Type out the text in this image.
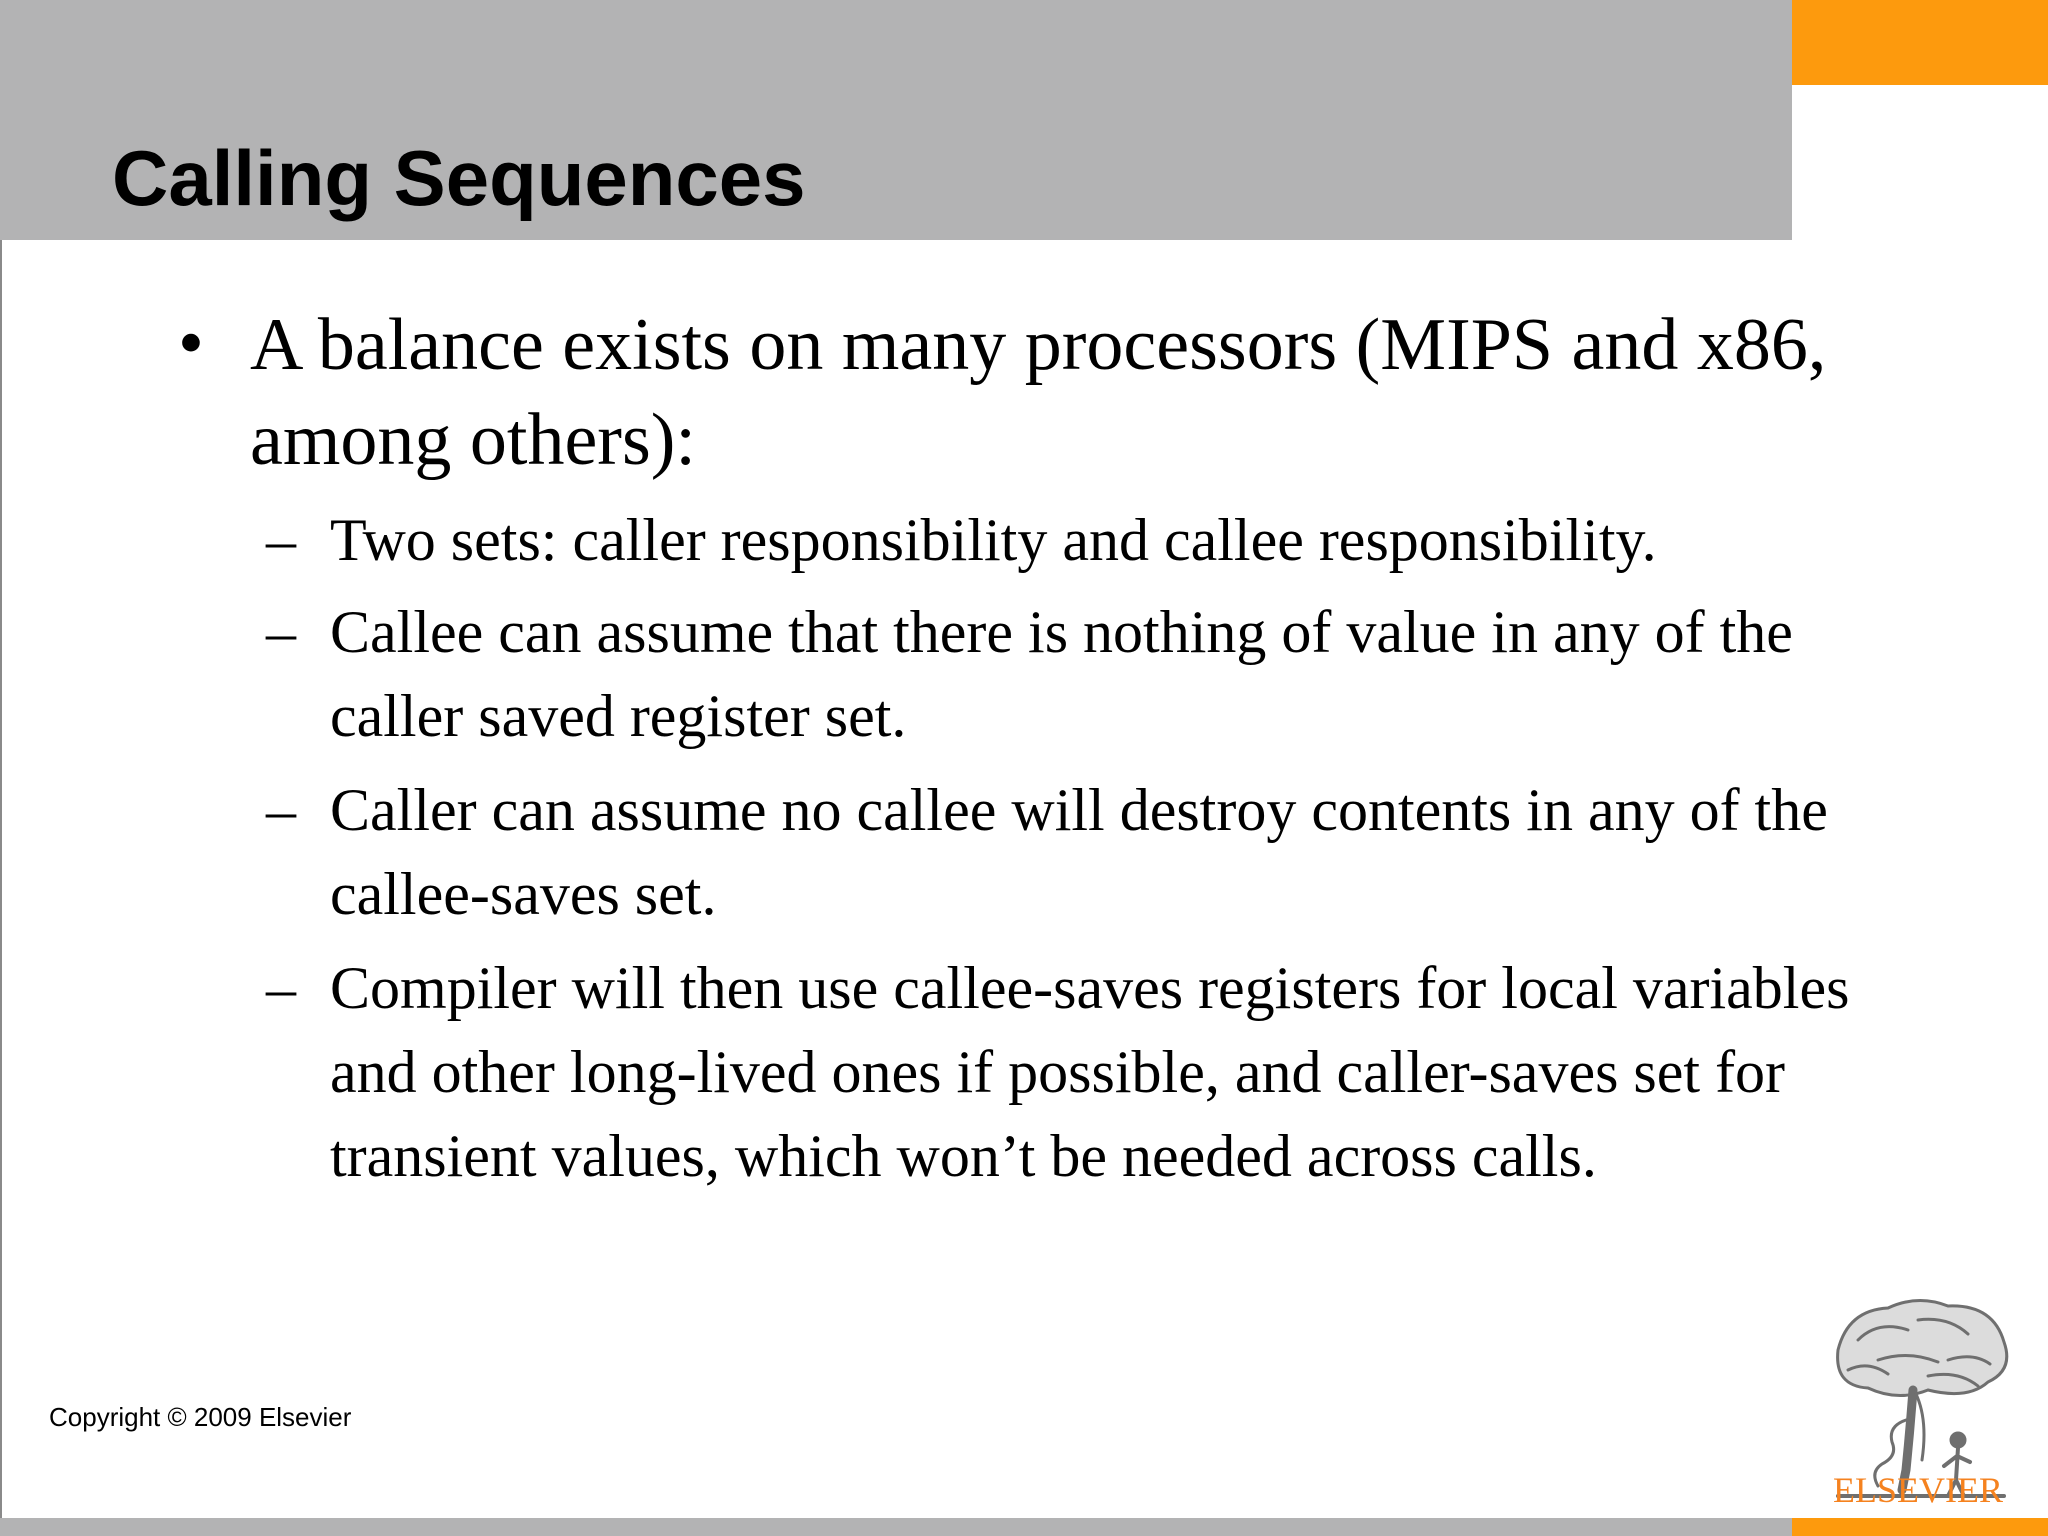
Calling Sequences
• A balance exists on many processors (MIPS and x86, among others):

– Two sets: caller responsibility and callee responsibility.

– Callee can assume that there is nothing of value in any of the caller saved register set.

– Caller can assume no callee will destroy contents in any of the callee-saves set.

– Compiler will then use callee-saves registers for local variables and other long-lived ones if possible, and caller-saves set for transient values, which won’t be needed across calls.

Copyright © 2009 Elsevier
ELSEVIER
